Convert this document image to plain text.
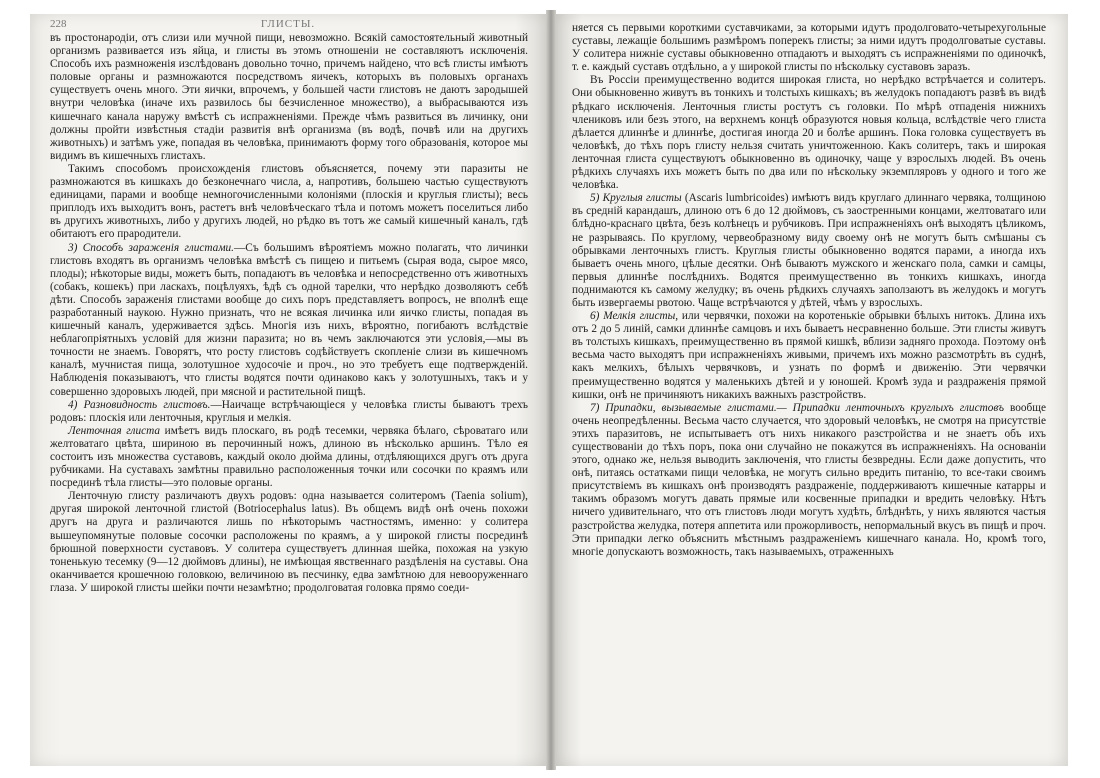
228	ГЛИСТЫ.

въ простонародiи, отъ слизи или мучной пищи, невозможно. Всякiй самостоятельный животный организмъ развивается изъ яйца, и глисты въ этомъ отношенiи не составляютъ исключенiя. Способъ ихъ размноженiя изслѣдованъ довольно точно, причемъ найдено, что всѣ глисты имѣютъ половые органы и размножаются посредствомъ яичекъ, которыхъ въ половыхъ органахъ существуетъ очень много. Эти яички, впрочемъ, у большей части глистовъ не даютъ зародышей внутри человѣка (иначе ихъ развилось бы безчисленное множество), а выбрасываются изъ кишечнаго канала наружу вмѣстѣ съ испражненiями. Прежде чѣмъ развиться въ личинку, они должны пройти извѣстныя стадiи развитiя внѣ организма (въ водѣ, почвѣ или на другихъ животныхъ) и затѣмъ уже, попадая въ человѣка, принимаютъ форму того образованiя, которое мы видимъ въ кишечныхъ глистахъ.

Такимъ способомъ происхожденiя глистовъ объясняется, почему эти паразиты не размножаются въ кишкахъ до безконечнаго числа, а, напротивъ, большею частью существуютъ единицами, парами и вообще немногочисленными колонiями (плоскiя и круглыя глисты); весь приплодъ ихъ выходитъ вонъ, растетъ внѣ человѣческаго тѣла и потомъ можетъ поселиться либо въ другихъ животныхъ, либо у другихъ людей, но рѣдко въ тотъ же самый кишечный каналъ, гдѣ обитаютъ его прародители.

3) Способъ зараженiя глистами.—Съ большимъ вѣроятiемъ можно полагать, что личинки глистовъ входятъ въ организмъ человѣка вмѣстѣ съ пищею и питьемъ (сырая вода, сырое мясо, плоды); нѣкоторые виды, можетъ быть, попадаютъ въ человѣка и непосредственно отъ животныхъ (собакъ, кошекъ) при ласкахъ, поцѣлуяхъ, ѣдѣ съ одной тарелки, что нерѣдко дозволяютъ себѣ дѣти. Способъ зараженiя глистами вообще до сихъ поръ представляетъ вопросъ, не вполнѣ еще разработанный наукою. Нужно признать, что не всякая личинка или яичко глисты, попадая въ кишечный каналъ, удерживается здѣсь. Многiя изъ нихъ, вѣроятно, погибаютъ вслѣдствiе неблагопрiятныхъ условiй для жизни паразита; но въ чемъ заключаются эти условiя,—мы въ точности не знаемъ. Говорятъ, что росту глистовъ содѣйствуетъ скопленiе слизи въ кишечномъ каналѣ, мучнистая пища, золотушное худосочiе и проч., но это требуетъ еще подтвержденiй. Наблюденiя показываютъ, что глисты водятся почти одинаково какъ у золотушныхъ, такъ и у совершенно здоровыхъ людей, при мясной и растительной пищѣ.

4) Разновидность глистовъ.—Наичаще встрѣчающiеся у человѣка глисты бываютъ трехъ родовъ: плоскiя или ленточныя, круглыя и мелкiя.

Ленточная глиста имѣетъ видъ плоскаго, въ родѣ тесемки, червяка бѣлаго, сѣроватаго или желтоватаго цвѣта, шириною въ перочинный ножъ, длиною въ нѣсколько аршинъ. Тѣло ея состоитъ изъ множества суставовъ, каждый около дюйма длины, отдѣляющихся другъ отъ друга рубчиками. На суставахъ замѣтны правильно расположенныя точки или сосочки по краямъ или посрединѣ тѣла глисты—это половые органы.

Ленточную глисту различаютъ двухъ родовъ: одна называется солитеромъ (Taenia solium), другая широкой ленточной глистой (Botriocephalus latus). Въ общемъ видѣ онѣ очень похожи другъ на друга и различаются лишь по нѣкоторымъ частностямъ, именно: у солитера вышеупомянутые половые сосочки расположены по краямъ, а у широкой глисты посрединѣ брюшной поверхности суставовъ. У солитера существуетъ длинная шейка, похожая на узкую тоненькую тесемку (9—12 дюймовъ длины), не имѣющая явственнаго раздѣленiя на суставы. Она оканчивается крошечною головкою, величиною въ песчинку, едва замѣтною для невооруженнаго глаза. У широкой глисты шейки почти незамѣтно; продолговатая головка прямо соеди-

няется съ первыми короткими суставчиками, за которыми идутъ продолговато-четырехугольные суставы, лежащiе большимъ размѣромъ поперекъ глисты; за ними идутъ продолговатые суставы. У солитера нижнiе суставы обыкновенно отпадаютъ и выходятъ съ испражненiями по одиночкѣ, т. е. каждый суставъ отдѣльно, а у широкой глисты по нѣскольку суставовъ заразъ.

Въ Россiи преимущественно водится широкая глиста, но нерѣдко встрѣчается и солитеръ. Они обыкновенно живутъ въ тонкихъ и толстыхъ кишкахъ; въ желудокъ попадаютъ развѣ въ видѣ рѣдкаго исключенiя. Ленточныя глисты ростутъ съ головки. По мѣрѣ отпаденiя нижнихъ члениковъ или безъ этого, на верхнемъ концѣ образуются новыя кольца, вслѣдствiе чего глиста дѣлается длиннѣе и длиннѣе, достигая иногда 20 и болѣе аршинъ. Пока головка существуетъ въ человѣкѣ, до тѣхъ поръ глисту нельзя считать уничтоженною. Какъ солитеръ, такъ и широкая ленточная глиста существуютъ обыкновенно въ одиночку, чаще у взрослыхъ людей. Въ очень рѣдкихъ случаяхъ ихъ можетъ быть по два или по нѣскольку экземпляровъ у одного и того же человѣка.

5) Круглыя глисты (Ascaris lumbricoides) имѣютъ видъ круглаго длиннаго червяка, толщиною въ средній карандашъ, длиною отъ 6 до 12 дюймовъ, съ заостренными концами, желтоватаго или блѣдно-краснаго цвѣта, безъ колѣнецъ и рубчиковъ. При испражненiяхъ онѣ выходятъ цѣликомъ, не разрываясь. По круглому, червеобразному виду своему онѣ не могутъ быть смѣшаны съ обрывками ленточныхъ глистъ. Круглыя глисты обыкновенно водятся парами, а иногда ихъ бываетъ очень много, цѣлые десятки. Онѣ бываютъ мужского и женскаго пола, самки и самцы, первыя длиннѣе послѣднихъ. Водятся преимущественно въ тонкихъ кишкахъ, иногда поднимаются къ самому желудку; въ очень рѣдкихъ случаяхъ заползаютъ въ желудокъ и могутъ быть извергаемы рвотою. Чаще встрѣчаются у дѣтей, чѣмъ у взрослыхъ.

6) Мелкiя глисты, или червячки, похожи на коротенькiе обрывки бѣлыхъ нитокъ. Длина ихъ отъ 2 до 5 линiй, самки длиннѣе самцовъ и ихъ бываетъ несравненно больше. Эти глисты живутъ въ толстыхъ кишкахъ, преимущественно въ прямой кишкѣ, вблизи задняго прохода. Поэтому онѣ весьма часто выходятъ при испражненiяхъ живыми, причемъ ихъ можно разсмотрѣть въ суднѣ, какъ мелкихъ, бѣлыхъ червячковъ, и узнать по формѣ и движенiю. Эти червячки преимущественно водятся у маленькихъ дѣтей и у юношей. Кромѣ зуда и раздраженiя прямой кишки, онѣ не причиняютъ никакихъ важныхъ разстройствъ.

7) Припадки, вызываемые глистами.— Припадки ленточныхъ круглыхъ глистовъ вообще очень неопредѣленны. Весьма часто случается, что здоровый человѣкъ, не смотря на присутствiе этихъ паразитовъ, не испытываетъ отъ нихъ никакого разстройства и не знаетъ объ ихъ существованiи до тѣхъ поръ, пока они случайно не покажутся въ испражненiяхъ. На основанiи этого, однако же, нельзя выводить заключенiя, что глисты безвредны. Если даже допустить, что онѣ, питаясь остатками пищи человѣка, не могутъ сильно вредить питанiю, то все-таки своимъ присутствiемъ въ кишкахъ онѣ производятъ раздраженiе, поддерживаютъ кишечные катарры и такимъ образомъ могутъ давать прямые или косвенные припадки и вредить человѣку. Нѣтъ ничего удивительнаго, что отъ глистовъ люди могутъ худѣть, блѣднѣть, у нихъ являются частыя разстройства желудка, потеря аппетита или прожорливость, непормальный вкусъ въ пищѣ и проч. Эти припадки легко объяснить мѣстнымъ раздраженiемъ кишечнаго канала. Но, кромѣ того, многiе допускаютъ возможность, такъ называемыхъ, отраженныхъ
